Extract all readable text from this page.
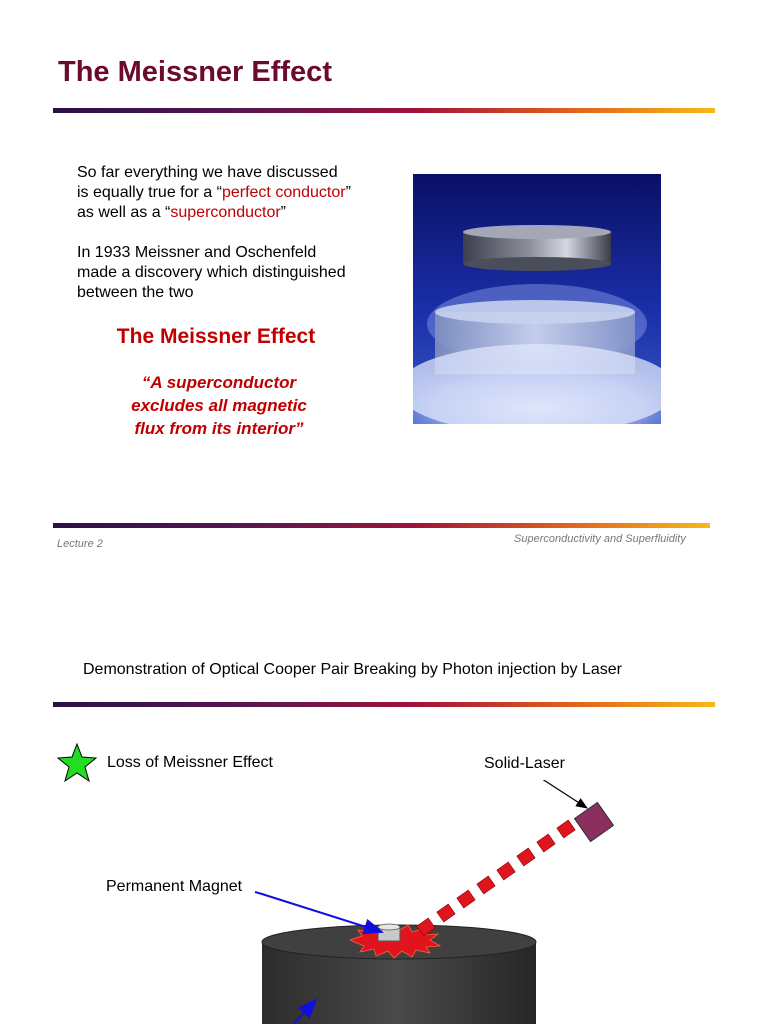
The Meissner Effect
So far everything we have discussed
is equally true for a “perfect conductor”
as well as a “superconductor”
In 1933 Meissner and Oschenfeld
made a discovery which distinguished
between the two
The Meissner Effect
“A superconductor
excludes all magnetic
flux from its interior”
Lecture 2	Superconductivity and Superfluidity
Demonstration of Optical Cooper Pair Breaking by Photon injection by Laser
Loss of Meissner Effect	Solid-Laser
Permanent Magnet
